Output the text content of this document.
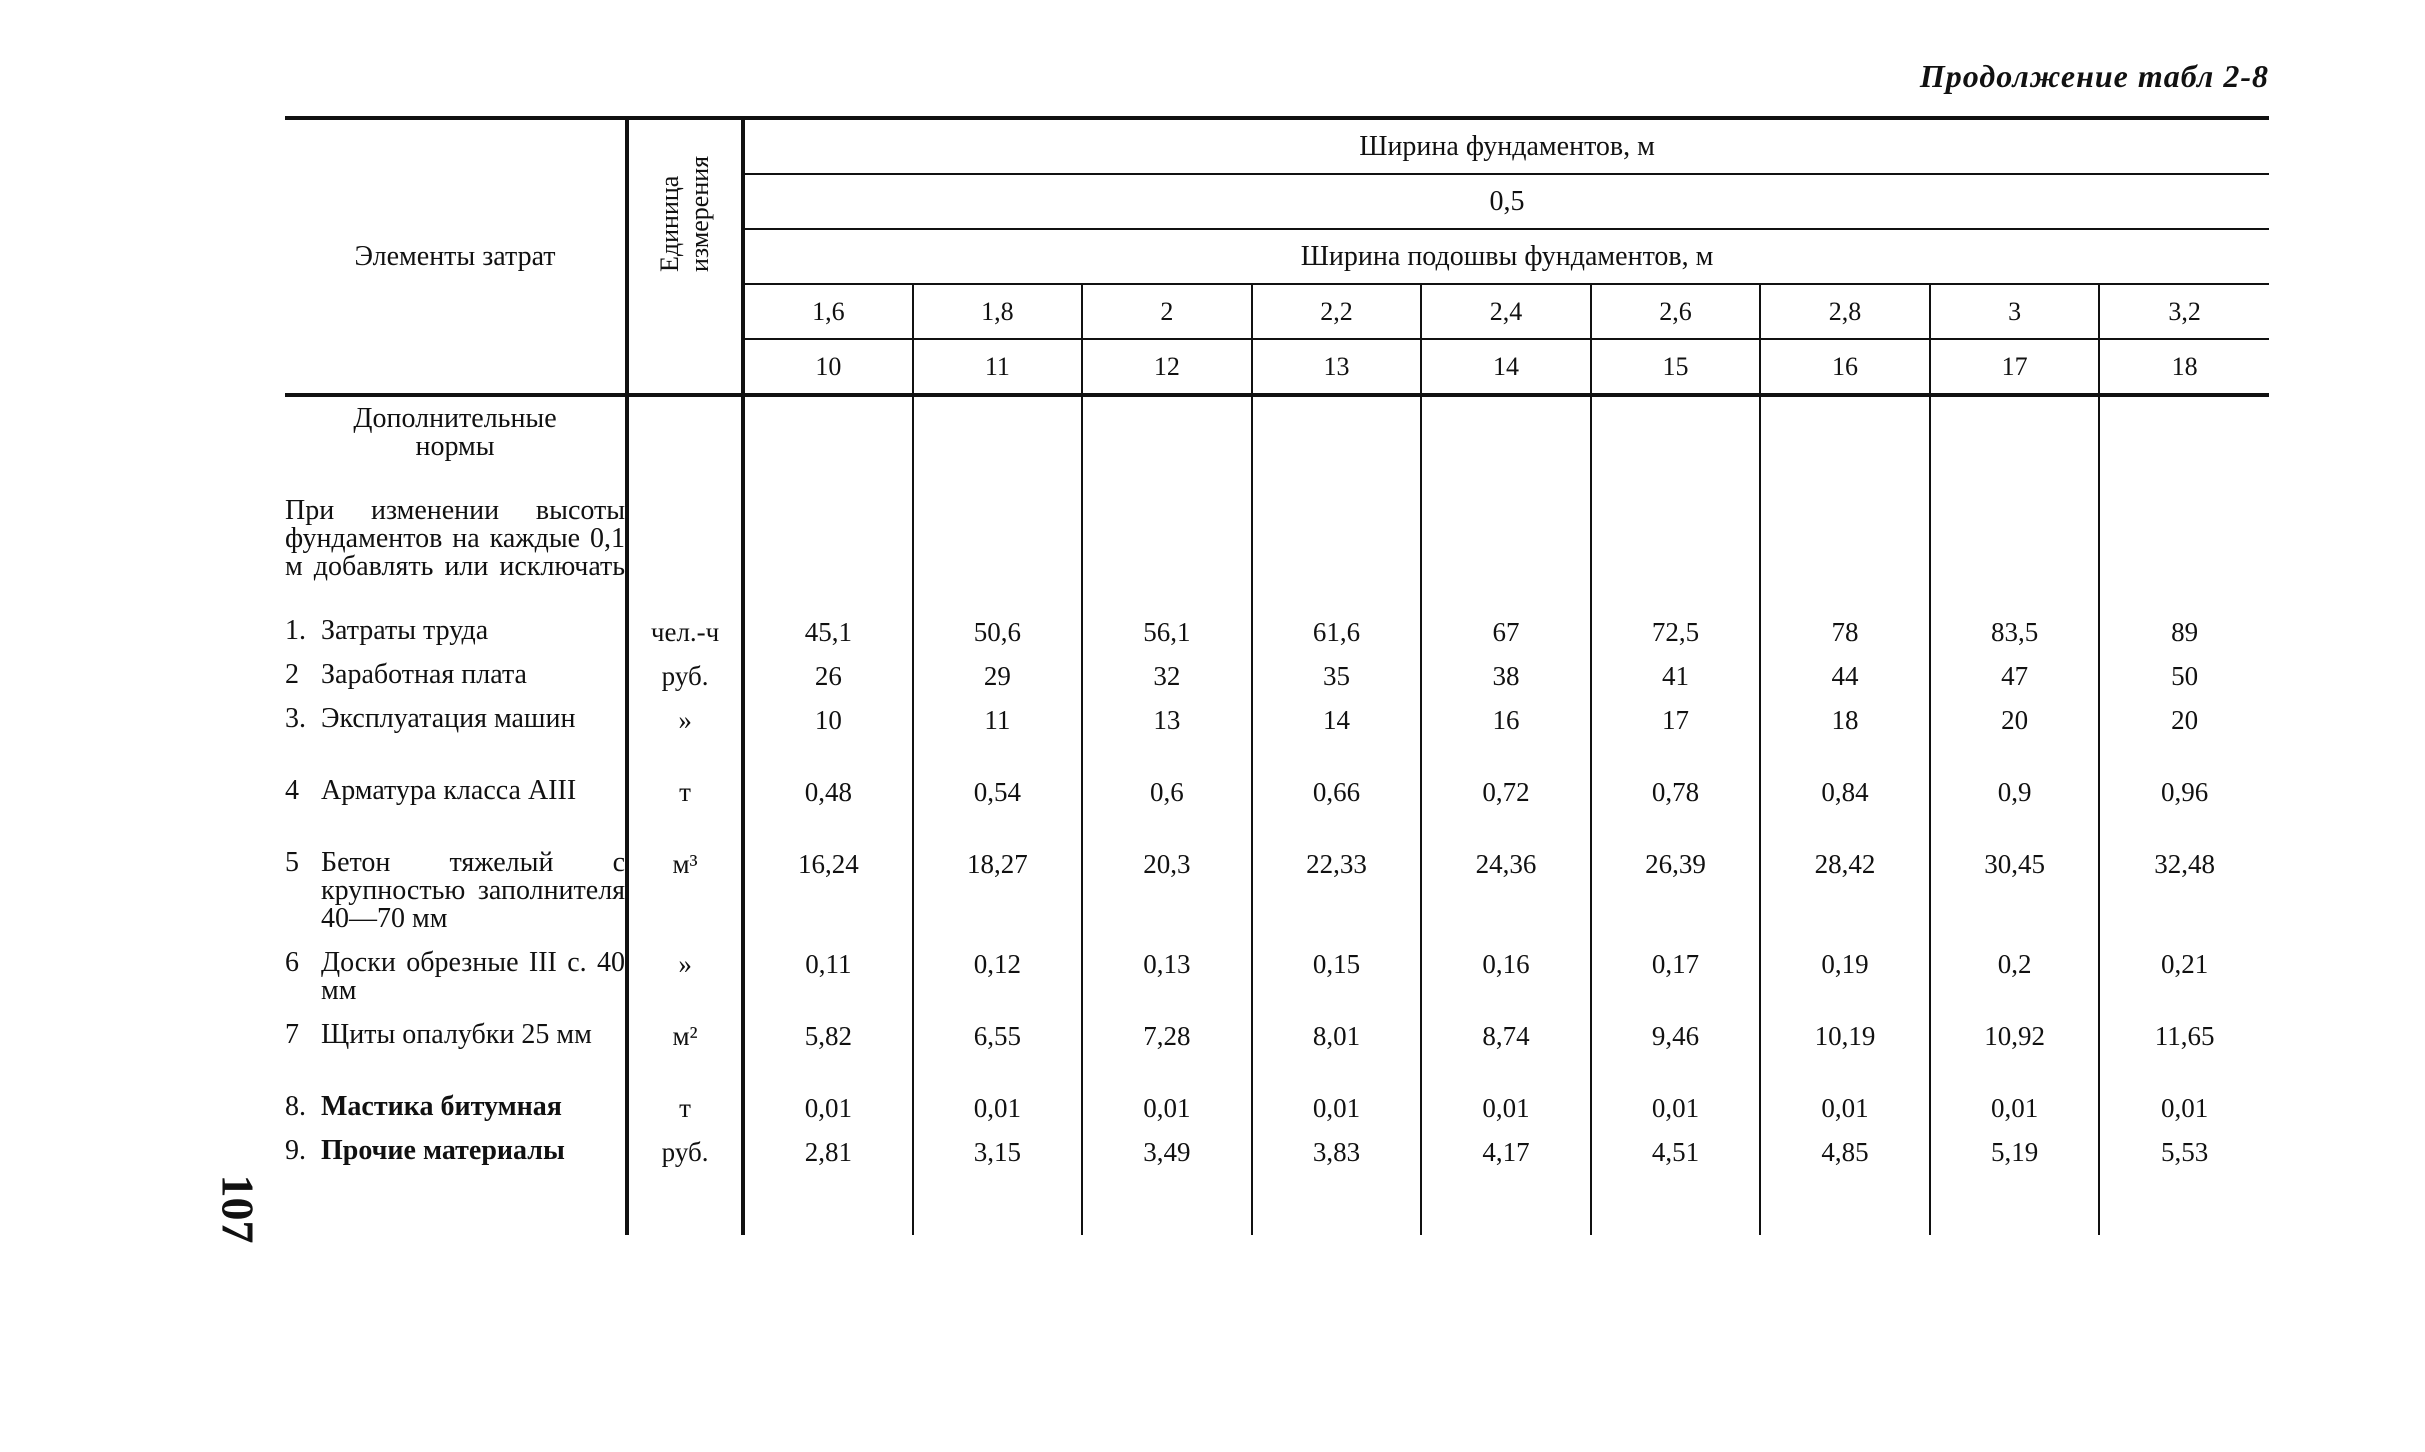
Продолжение табл 2-8
107
Элементы затрат	Единица измерения	Ширина фундаментов, м								
		0,5								
		Ширина подошвы фундаментов, м								
		1,6	1,8	2	2,2	2,4	2,6	2,8	3	3,2
		10	11	12	13	14	15	16	17	18

Дополнительные
нормы										

При изменении высоты фундаментов на каждые 0,1 м добавлять или исключать										

1. Затраты труда	чел.-ч	45,1	50,6	56,1	61,6	67	72,5	78	83,5	89

2 Заработная плата	руб.	26	29	32	35	38	41	44	47	50

3. Эксплуатация машин	»	10	11	13	14	16	17	18	20	20

4 Арматура класса AIII	т	0,48	0,54	0,6	0,66	0,72	0,78	0,84	0,9	0,96

5 Бетон тяжелый с крупностью заполнителя 40—70 мм	м³	16,24	18,27	20,3	22,33	24,36	26,39	28,42	30,45	32,48

6 Доски обрезные III с. 40 мм	»	0,11	0,12	0,13	0,15	0,16	0,17	0,19	0,2	0,21

7 Щиты опалубки 25 мм	м²	5,82	6,55	7,28	8,01	8,74	9,46	10,19	10,92	11,65

8. Мастика битумная	т	0,01	0,01	0,01	0,01	0,01	0,01	0,01	0,01	0,01

9. Прочие материалы	руб.	2,81	3,15	3,49	3,83	4,17	4,51	4,85	5,19	5,53
